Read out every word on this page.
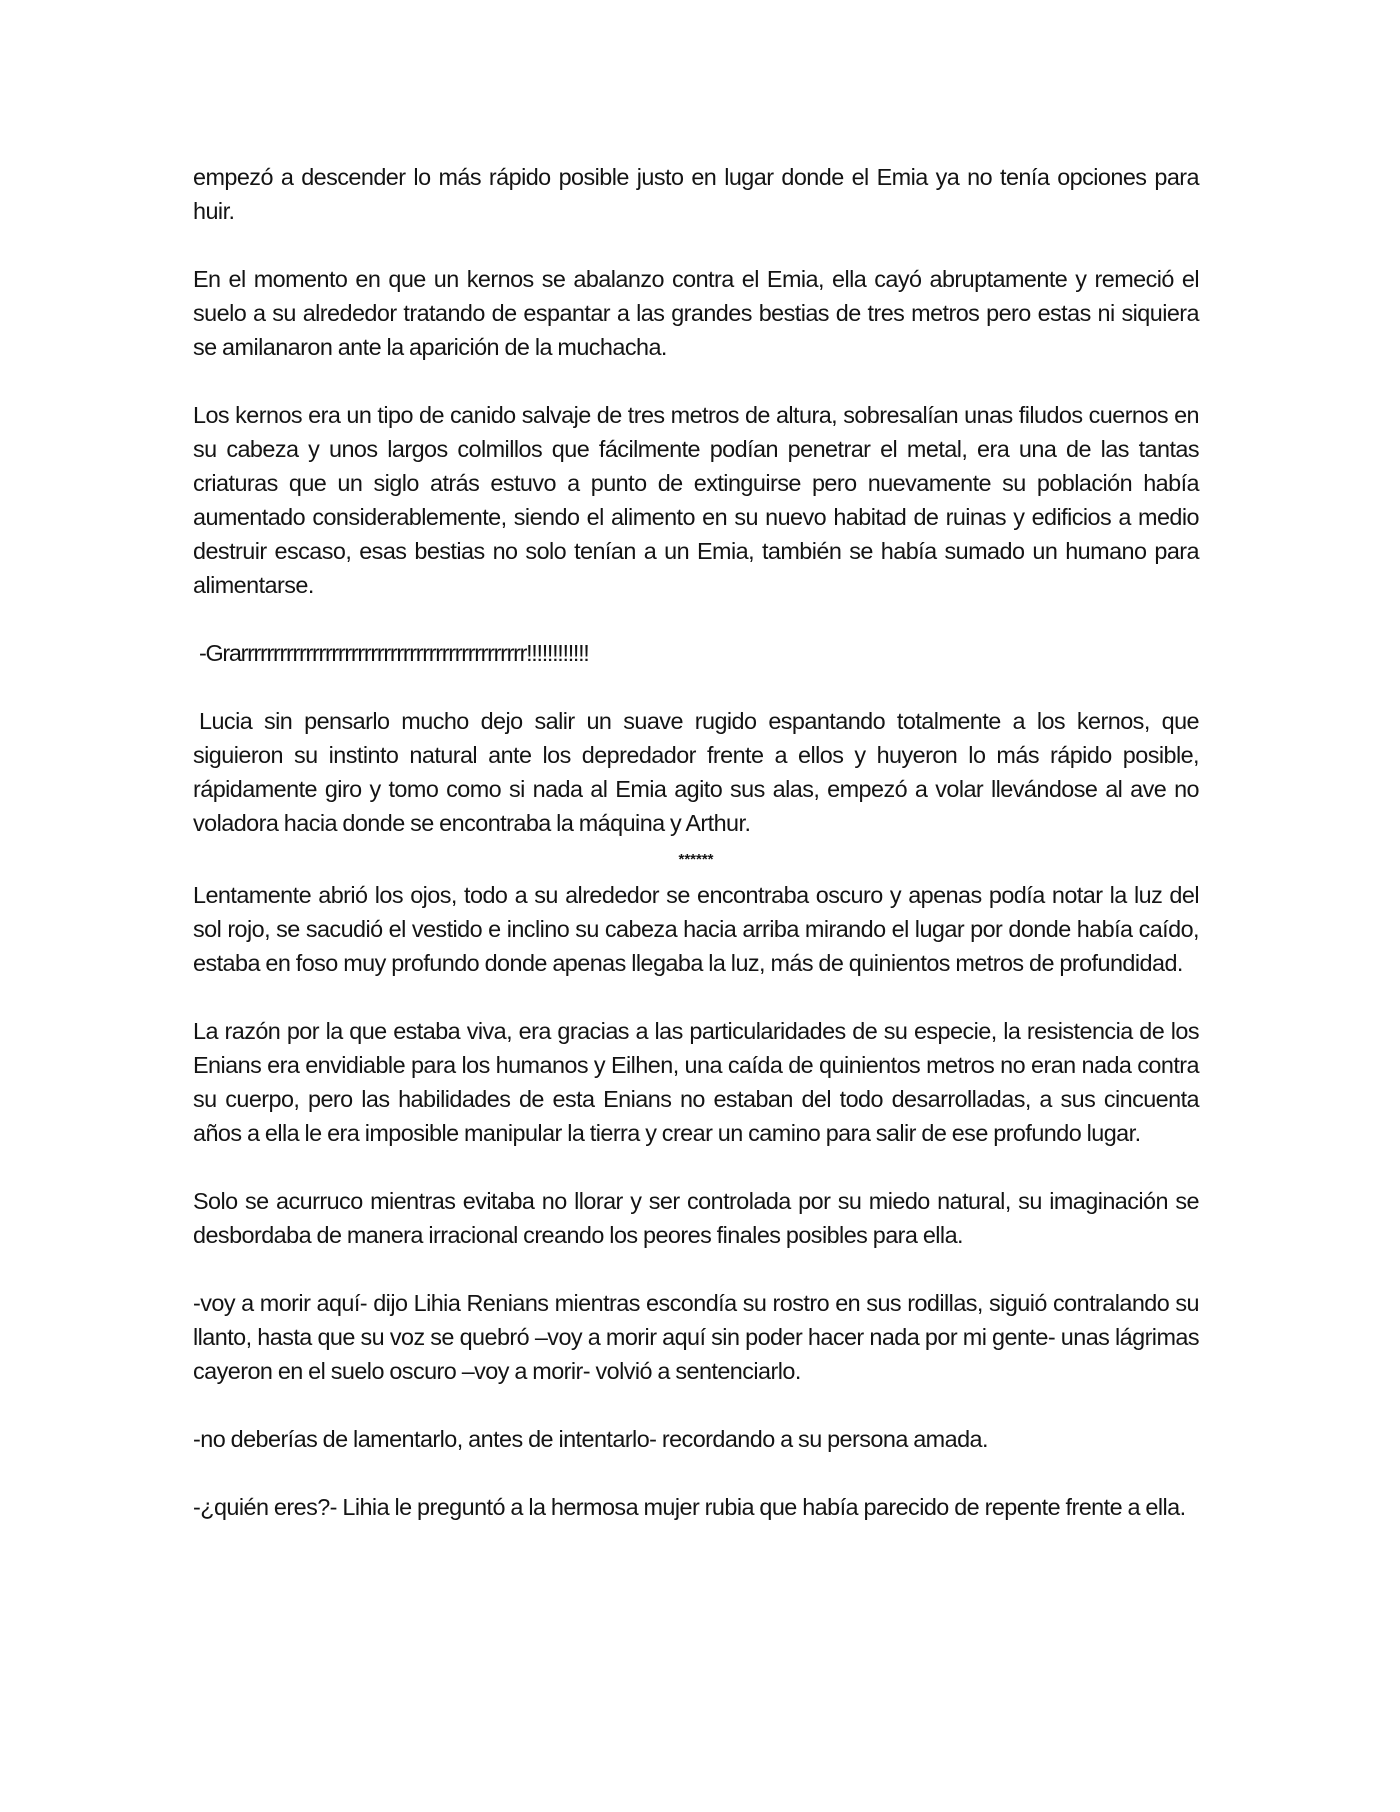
empezó a descender lo más rápido posible justo en lugar donde el Emia ya no tenía opciones para huir.

En el momento en que un kernos se abalanzo contra el Emia, ella cayó abruptamente y remeció el suelo a su alrededor tratando de espantar a las grandes bestias de tres metros pero estas ni siquiera se amilanaron ante la aparición de la muchacha.

Los kernos era un tipo de canido salvaje de tres metros de altura, sobresalían unas filudos cuernos en su cabeza y unos largos colmillos que fácilmente podían penetrar el metal, era una de las tantas criaturas que un siglo atrás estuvo a punto de extinguirse pero nuevamente su población había aumentado considerablemente, siendo el alimento en su nuevo habitad de ruinas y edificios a medio destruir escaso, esas bestias no solo tenían a un Emia, también se había sumado un humano para alimentarse.

-Grarrrrrrrrrrrrrrrrrrrrrrrrrrrrrrrrrrrrrrrrrrrr!!!!!!!!!!!!

Lucia sin pensarlo mucho dejo salir un suave rugido espantando totalmente a los kernos, que siguieron su instinto natural ante los depredador frente a ellos y huyeron lo más rápido posible, rápidamente giro y tomo como si nada al Emia agito sus alas, empezó a volar llevándose al ave no voladora hacia donde se encontraba la máquina y Arthur.

******

Lentamente abrió los ojos, todo a su alrededor se encontraba oscuro y apenas podía notar la luz del sol rojo, se sacudió el vestido e inclino su cabeza hacia arriba mirando el lugar por donde había caído, estaba en foso muy profundo donde apenas llegaba la luz, más de quinientos metros de profundidad.

La razón por la que estaba viva, era gracias a las particularidades de su especie, la resistencia de los Enians era envidiable para los humanos y Eilhen, una caída de quinientos metros no eran nada contra su cuerpo, pero las habilidades de esta Enians no estaban del todo desarrolladas, a sus cincuenta años a ella le era imposible manipular la tierra y crear un camino para salir de ese profundo lugar.

Solo se acurruco mientras evitaba no llorar y ser controlada por su miedo natural, su imaginación se desbordaba de manera irracional creando los peores finales posibles para ella.

-voy a morir aquí- dijo Lihia Renians mientras escondía su rostro en sus rodillas, siguió contralando su llanto, hasta que su voz se quebró –voy a morir aquí sin poder hacer nada por mi gente- unas lágrimas cayeron en el suelo oscuro –voy a morir- volvió a sentenciarlo.

-no deberías de lamentarlo, antes de intentarlo- recordando a su persona amada.

-¿quién eres?- Lihia le preguntó a la hermosa mujer rubia que había parecido de repente frente a ella.
